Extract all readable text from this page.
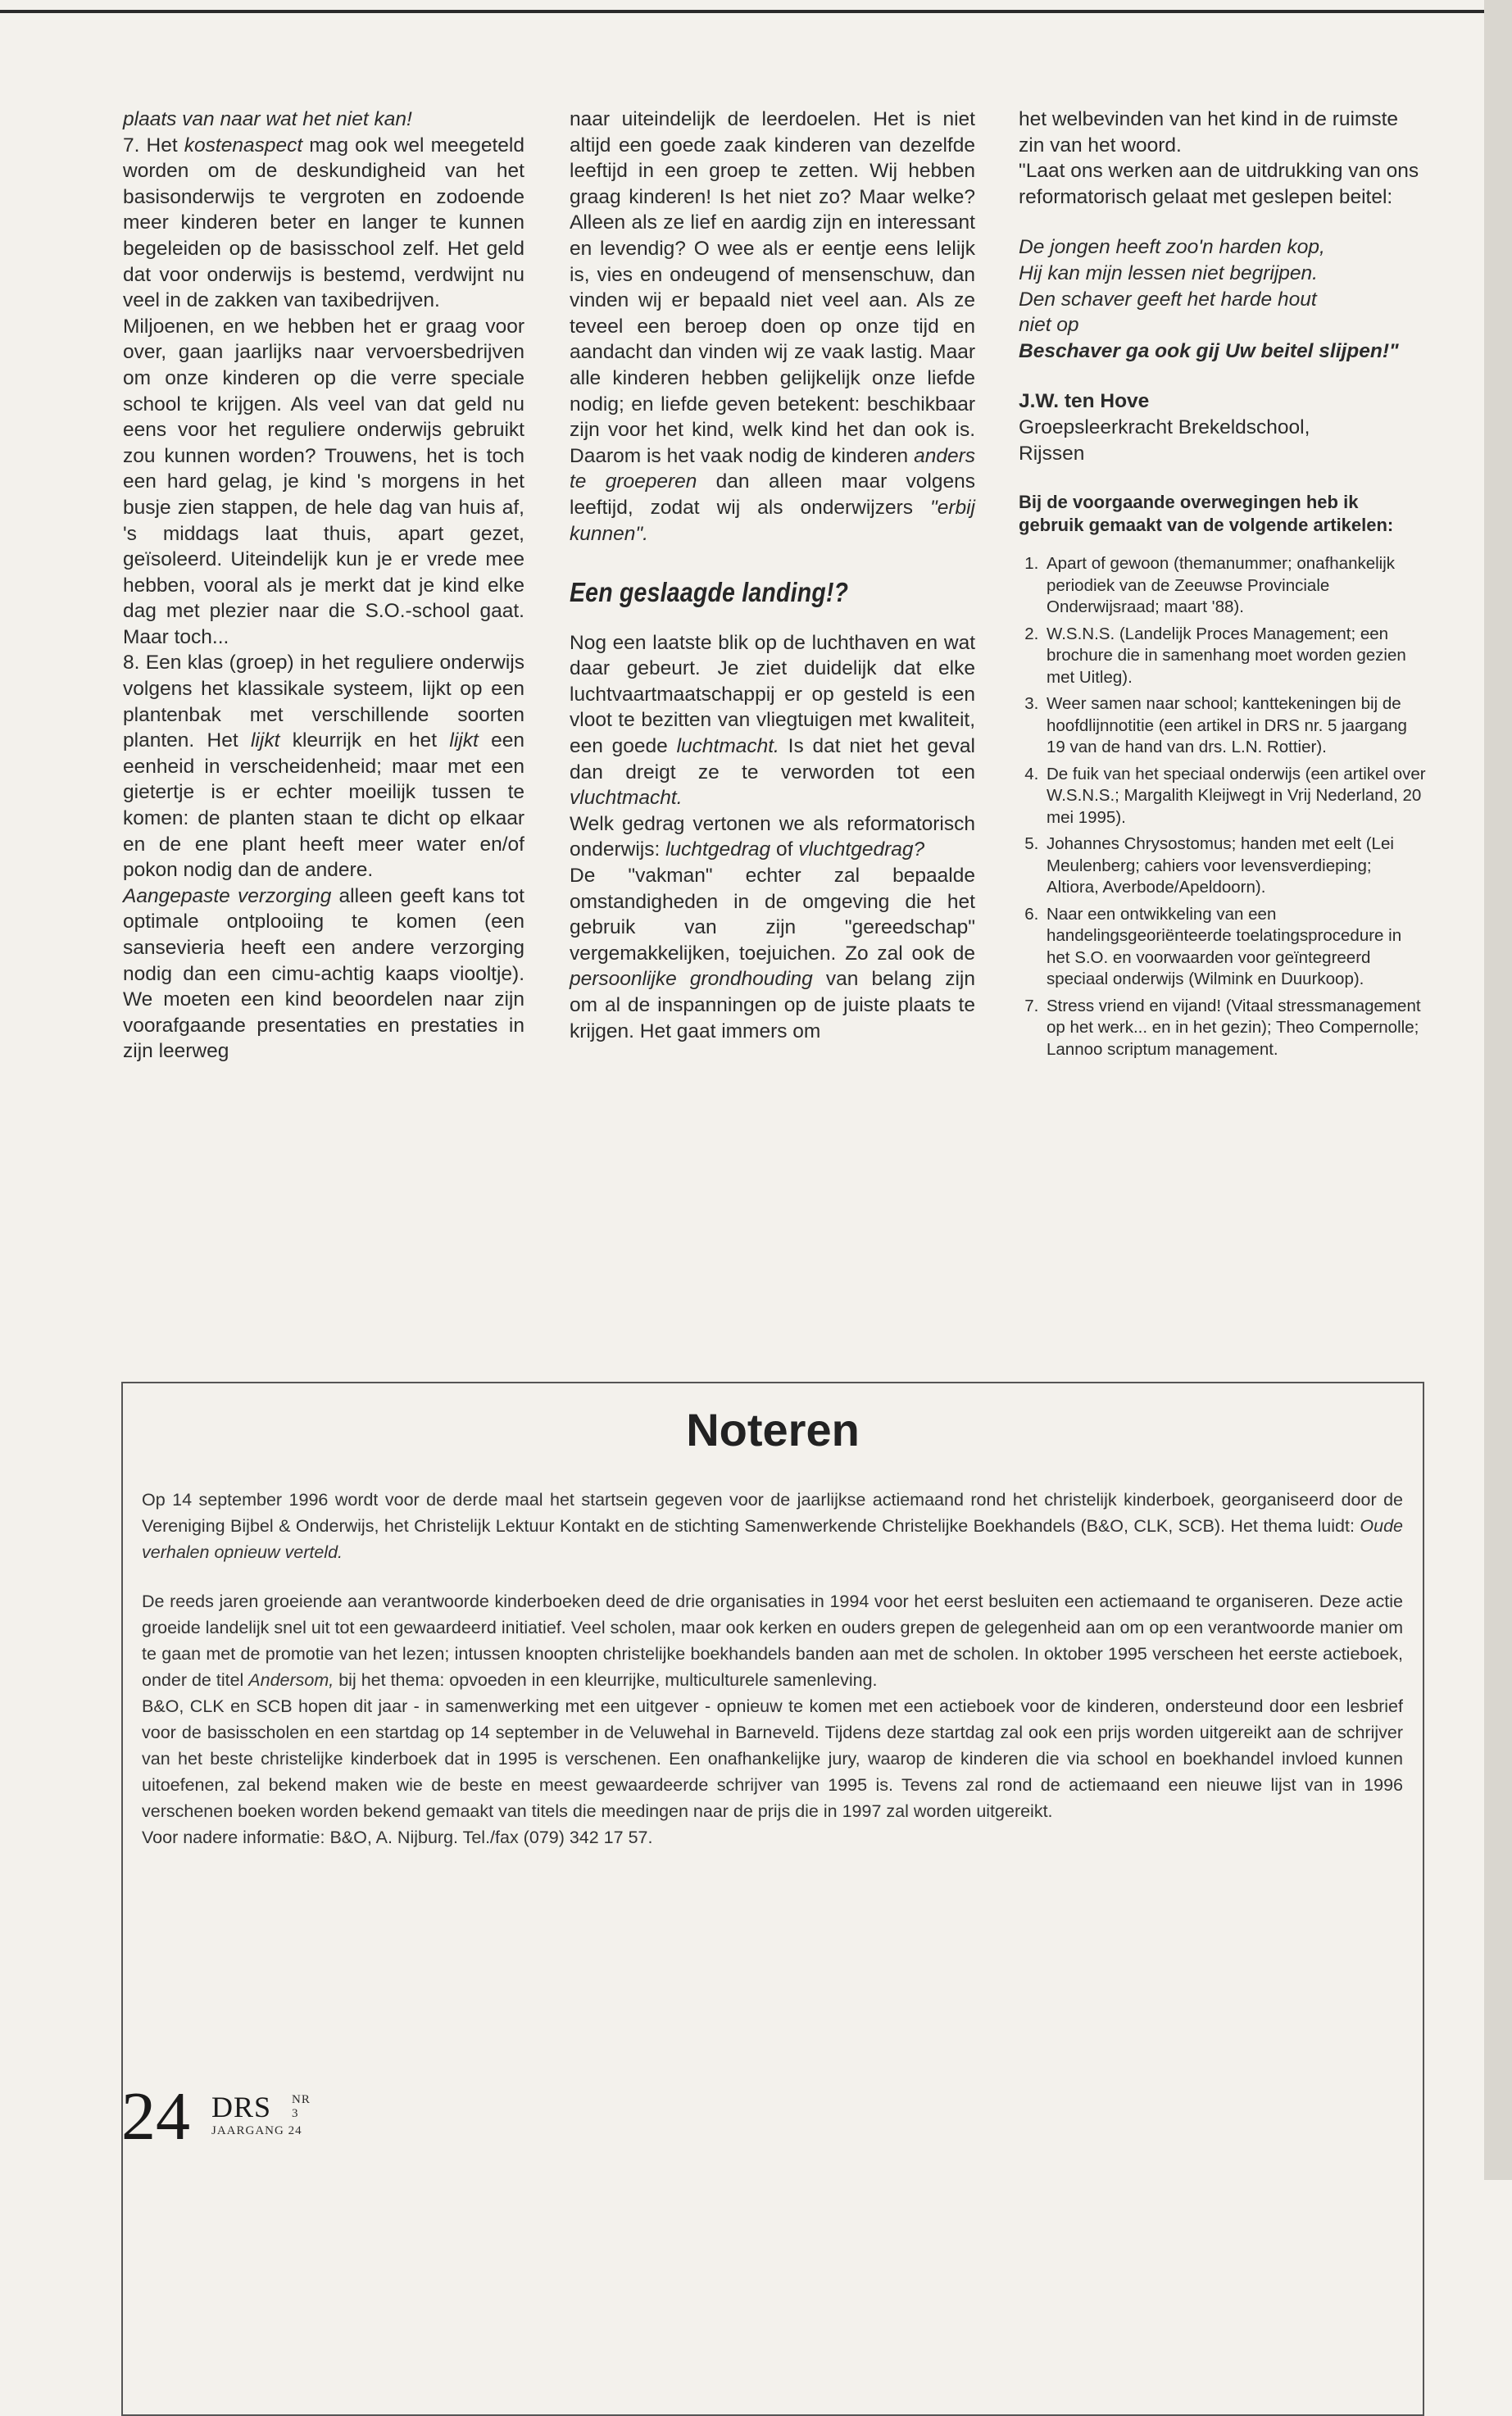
plaats van naar wat het niet kan!

7. Het kostenaspect mag ook wel meegeteld worden om de deskundigheid van het basisonderwijs te vergroten en zodoende meer kinderen beter en langer te kunnen begeleiden op de basisschool zelf. Het geld dat voor onderwijs is bestemd, verdwijnt nu veel in de zakken van taxibedrijven.

Miljoenen, en we hebben het er graag voor over, gaan jaarlijks naar vervoersbedrijven om onze kinderen op die verre speciale school te krijgen. Als veel van dat geld nu eens voor het reguliere onderwijs gebruikt zou kunnen worden? Trouwens, het is toch een hard gelag, je kind 's morgens in het busje zien stappen, de hele dag van huis af, 's middags laat thuis, apart gezet, geïsoleerd. Uiteindelijk kun je er vrede mee hebben, vooral als je merkt dat je kind elke dag met plezier naar die S.O.-school gaat. Maar toch...

8. Een klas (groep) in het reguliere onderwijs volgens het klassikale systeem, lijkt op een plantenbak met verschillende soorten planten. Het lijkt kleurrijk en het lijkt een eenheid in verscheidenheid; maar met een gietertje is er echter moeilijk tussen te komen: de planten staan te dicht op elkaar en de ene plant heeft meer water en/of pokon nodig dan de andere.

Aangepaste verzorging alleen geeft kans tot optimale ontplooiing te komen (een sansevieria heeft een andere verzorging nodig dan een cimu-achtig kaaps viooltje). We moeten een kind beoordelen naar zijn voorafgaande presentaties en prestaties in zijn leerweg

naar uiteindelijk de leerdoelen. Het is niet altijd een goede zaak kinderen van dezelfde leeftijd in een groep te zetten. Wij hebben graag kinderen! Is het niet zo? Maar welke? Alleen als ze lief en aardig zijn en interessant en levendig? O wee als er eentje eens lelijk is, vies en ondeugend of mensenschuw, dan vinden wij er bepaald niet veel aan. Als ze teveel een beroep doen op onze tijd en aandacht dan vinden wij ze vaak lastig. Maar alle kinderen hebben gelijkelijk onze liefde nodig; en liefde geven betekent: beschikbaar zijn voor het kind, welk kind het dan ook is. Daarom is het vaak nodig de kinderen anders te groeperen dan alleen maar volgens leeftijd, zodat wij als onderwijzers "erbij kunnen".

Een geslaagde landing!?

Nog een laatste blik op de luchthaven en wat daar gebeurt. Je ziet duidelijk dat elke luchtvaartmaatschappij er op gesteld is een vloot te bezitten van vliegtuigen met kwaliteit, een goede luchtmacht. Is dat niet het geval dan dreigt ze te verworden tot een vluchtmacht.

Welk gedrag vertonen we als reformatorisch onderwijs: luchtgedrag of vluchtgedrag?

De "vakman" echter zal bepaalde omstandigheden in de omgeving die het gebruik van zijn "gereedschap" vergemakkelijken, toejuichen. Zo zal ook de persoonlijke grondhouding van belang zijn om al de inspanningen op de juiste plaats te krijgen. Het gaat immers om

het welbevinden van het kind in de ruimste zin van het woord.

"Laat ons werken aan de uitdrukking van ons reformatorisch gelaat met geslepen beitel:

De jongen heeft zoo'n harden kop,

Hij kan mijn lessen niet begrijpen.

Den schaver geeft het harde hout

niet op

Beschaver ga ook gij Uw beitel slijpen!"

J.W. ten Hove

Groepsleerkracht Brekeldschool,

Rijssen

Bij de voorgaande overwegingen heb ik gebruik gemaakt van de volgende artikelen:

1. Apart of gewoon (themanummer; onafhankelijk periodiek van de Zeeuwse Provinciale Onderwijsraad; maart '88).
2. W.S.N.S. (Landelijk Proces Management; een brochure die in samenhang moet worden gezien met Uitleg).
3. Weer samen naar school; kanttekeningen bij de hoofdlijnnotitie (een artikel in DRS nr. 5 jaargang 19 van de hand van drs. L.N. Rottier).
4. De fuik van het speciaal onderwijs (een artikel over W.S.N.S.; Margalith Kleijwegt in Vrij Nederland, 20 mei 1995).
5. Johannes Chrysostomus; handen met eelt (Lei Meulenberg; cahiers voor levensverdieping; Altiora, Averbode/Apeldoorn).
6. Naar een ontwikkeling van een handelingsgeoriënteerde toelatingsprocedure in het S.O. en voorwaarden voor geïntegreerd speciaal onderwijs (Wilmink en Duurkoop).
7. Stress vriend en vijand! (Vitaal stressmanagement op het werk... en in het gezin); Theo Compernolle; Lannoo scriptum management.
Noteren

Op 14 september 1996 wordt voor de derde maal het startsein gegeven voor de jaarlijkse actiemaand rond het christelijk kinderboek, georganiseerd door de Vereniging Bijbel & Onderwijs, het Christelijk Lektuur Kontakt en de stichting Samenwerkende Christelijke Boekhandels (B&O, CLK, SCB). Het thema luidt: Oude verhalen opnieuw verteld.

De reeds jaren groeiende aan verantwoorde kinderboeken deed de drie organisaties in 1994 voor het eerst besluiten een actiemaand te organiseren. Deze actie groeide landelijk snel uit tot een gewaardeerd initiatief. Veel scholen, maar ook kerken en ouders grepen de gelegenheid aan om op een verantwoorde manier om te gaan met de promotie van het lezen; intussen knoopten christelijke boekhandels banden aan met de scholen. In oktober 1995 verscheen het eerste actieboek, onder de titel Andersom, bij het thema: opvoeden in een kleurrijke, multiculturele samenleving.

B&O, CLK en SCB hopen dit jaar - in samenwerking met een uitgever - opnieuw te komen met een actieboek voor de kinderen, ondersteund door een lesbrief voor de basisscholen en een startdag op 14 september in de Veluwehal in Barneveld. Tijdens deze startdag zal ook een prijs worden uitgereikt aan de schrijver van het beste christelijke kinderboek dat in 1995 is verschenen. Een onafhankelijke jury, waarop de kinderen die via school en boekhandel invloed kunnen uitoefenen, zal bekend maken wie de beste en meest gewaardeerde schrijver van 1995 is. Tevens zal rond de actiemaand een nieuwe lijst van in 1996 verschenen boeken worden bekend gemaakt van titels die meedingen naar de prijs die in 1997 zal worden uitgereikt.

Voor nadere informatie: B&O, A. Nijburg. Tel./fax (079) 342 17 57.

24 DRS NR 3
JAARGANG 24
